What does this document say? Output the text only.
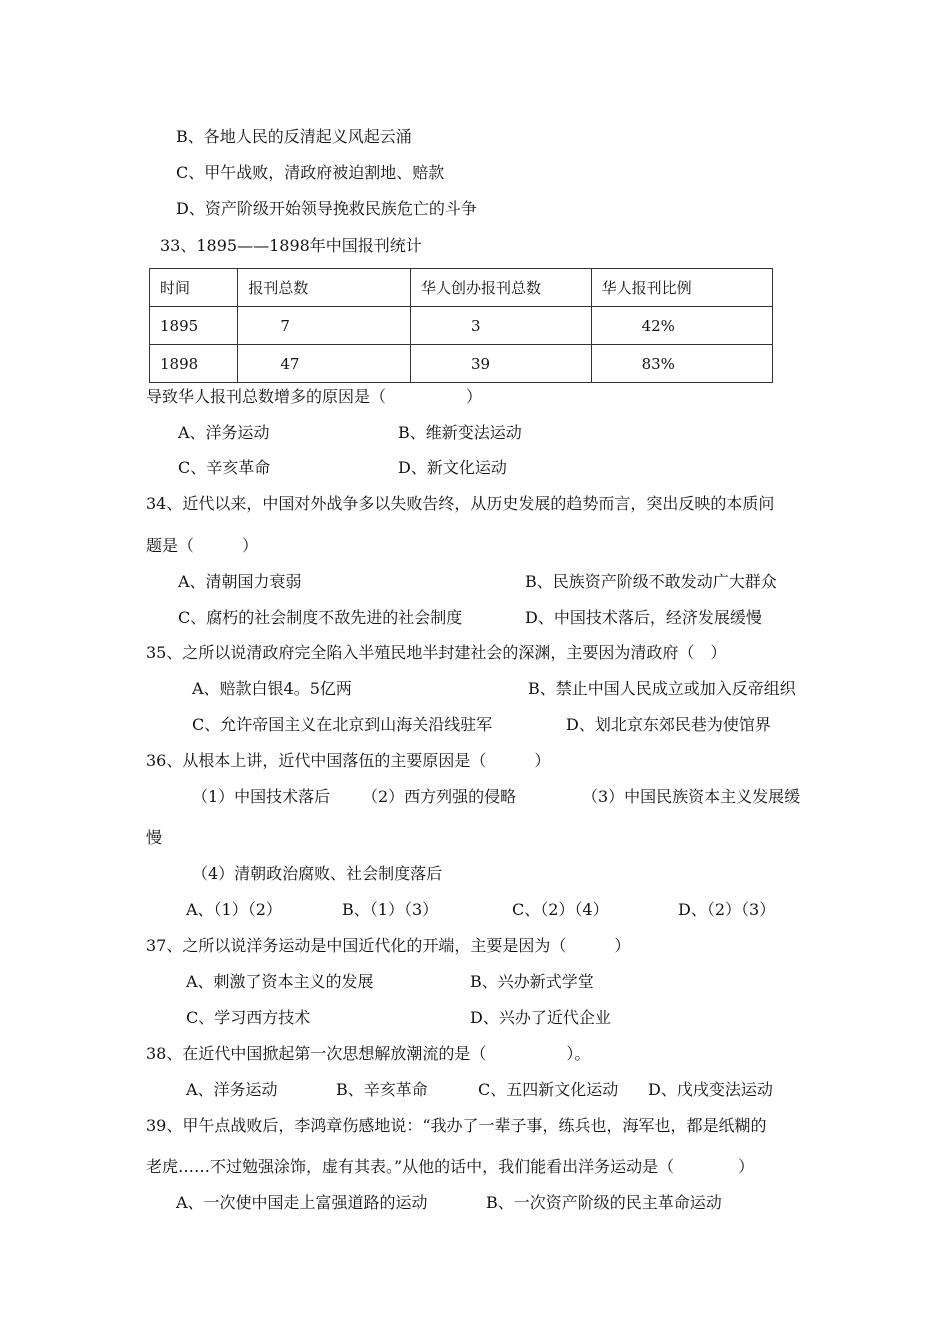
B、各地人民的反清起义风起云涌
C、甲午战败，清政府被迫割地、赔款
D、资产阶级开始领导挽救民族危亡的斗争
33、1895——1898年中国报刊统计
时间	报刊总数	华人创办报刊总数	华人报刊比例
1895	7	3	42%
1898	47	39	83%
导致华人报刊总数增多的原因是（　　　　　）
A、洋务运动	B、维新变法运动
C、辛亥革命	D、新文化运动
34、近代以来，中国对外战争多以失败告终，从历史发展的趋势而言，突出反映的本质问
题是（　　　）
A、清朝国力衰弱	B、民族资产阶级不敢发动广大群众
C、腐朽的社会制度不敌先进的社会制度	D、中国技术落后，经济发展缓慢
35、之所以说清政府完全陷入半殖民地半封建社会的深渊，主要因为清政府（　）
A、赔款白银4。5亿两	B、禁止中国人民成立或加入反帝组织
C、允许帝国主义在北京到山海关沿线驻军	D、划北京东郊民巷为使馆界
36、从根本上讲，近代中国落伍的主要原因是（　　　）
（1）中国技术落后 （2）西方列强的侵略	（3）中国民族资本主义发展缓
慢
（4）清朝政治腐败、社会制度落后
A、（1）（2）	B、（1）（3）	C、（2）（4）	D、（2）（3）
37、之所以说洋务运动是中国近代化的开端，主要是因为（　　　）
A、刺激了资本主义的发展	B、兴办新式学堂
C、学习西方技术	D、兴办了近代企业
38、在近代中国掀起第一次思想解放潮流的是（　　　　　）。
A、洋务运动	B、辛亥革命	C、五四新文化运动 D、戊戌变法运动
39、甲午点战败后，李鸿章伤感地说：“我办了一辈子事，练兵也，海军也，都是纸糊的
老虎……不过勉强涂饰，虚有其表。”从他的话中，我们能看出洋务运动是（　　　　）
A、一次使中国走上富强道路的运动	B、一次资产阶级的民主革命运动
